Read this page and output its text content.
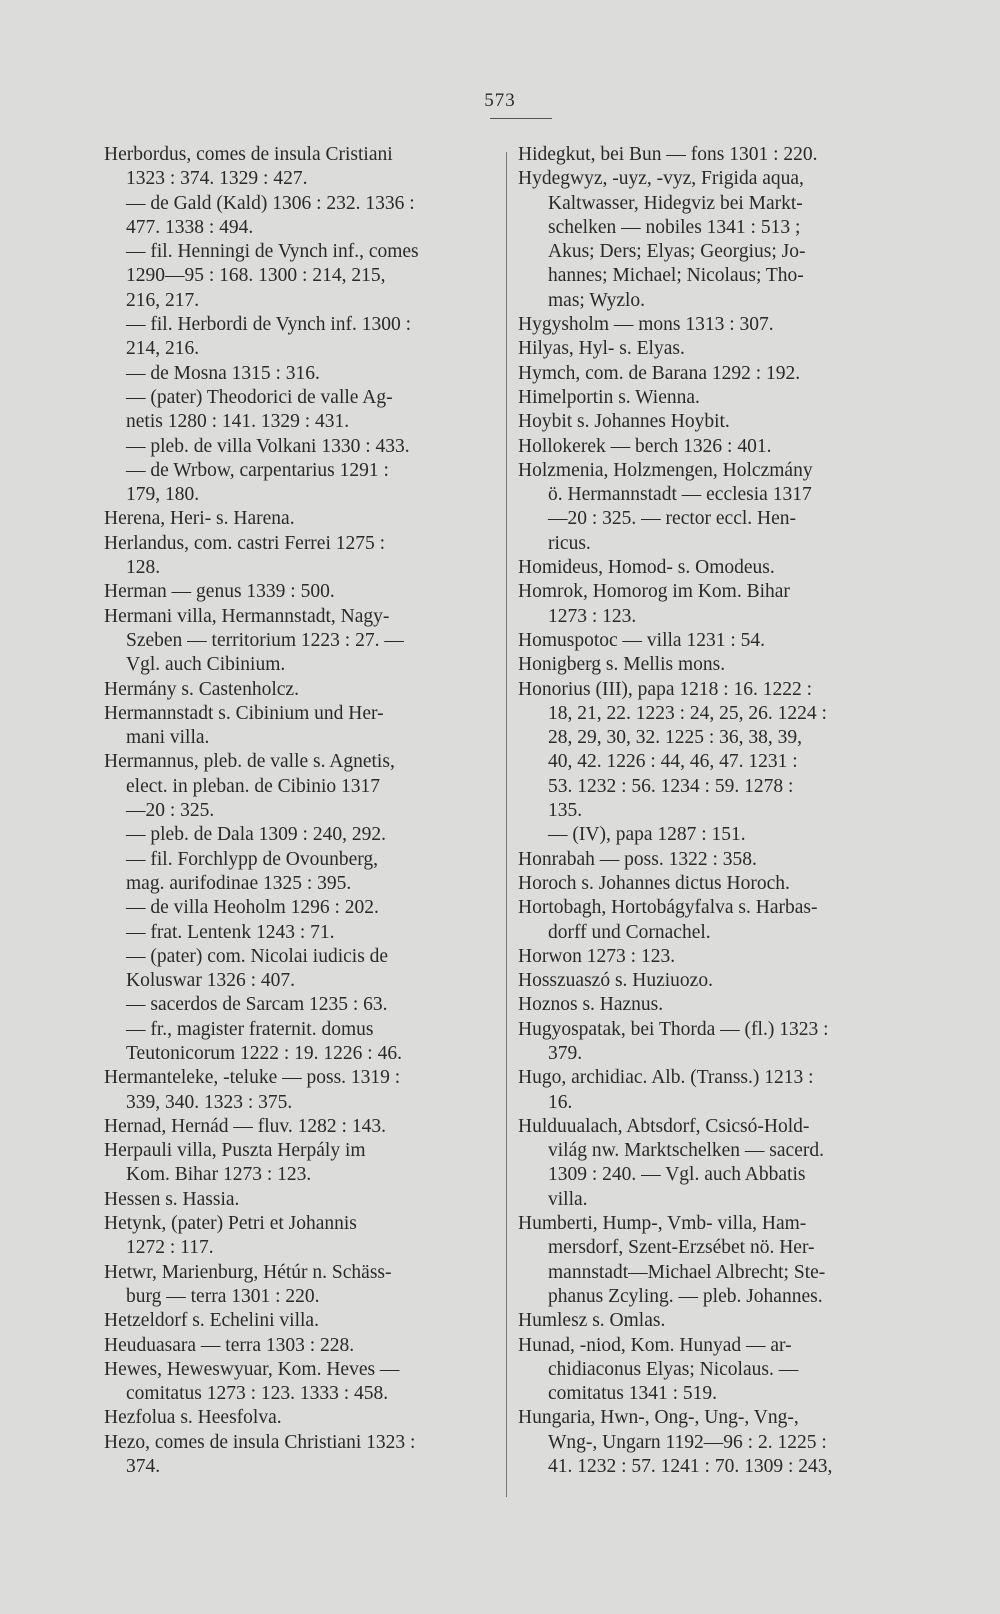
573
Herbordus, comes de insula Cristiani
1323 : 374. 1329 : 427.
— de Gald (Kald) 1306 : 232. 1336 :
477. 1338 : 494.
— fil. Henningi de Vynch inf., comes
1290—95 : 168. 1300 : 214, 215,
216, 217.
— fil. Herbordi de Vynch inf. 1300 :
214, 216.
— de Mosna 1315 : 316.
— (pater) Theodorici de valle Ag-
netis 1280 : 141. 1329 : 431.
— pleb. de villa Volkani 1330 : 433.
— de Wrbow, carpentarius 1291 :
179, 180.
Herena, Heri- s. Harena.
Herlandus, com. castri Ferrei 1275 :
128.
Herman — genus 1339 : 500.
Hermani villa, Hermannstadt, Nagy-
Szeben — territorium 1223 : 27. —
Vgl. auch Cibinium.
Hermány s. Castenholcz.
Hermannstadt s. Cibinium und Her-
mani villa.
Hermannus, pleb. de valle s. Agnetis,
elect. in pleban. de Cibinio 1317
—20 : 325.
— pleb. de Dala 1309 : 240, 292.
— fil. Forchlypp de Ovounberg,
mag. aurifodinae 1325 : 395.
— de villa Heoholm 1296 : 202.
— frat. Lentenk 1243 : 71.
— (pater) com. Nicolai iudicis de
Koluswar 1326 : 407.
— sacerdos de Sarcam 1235 : 63.
— fr., magister fraternit. domus
Teutonicorum 1222 : 19. 1226 : 46.
Hermanteleke, -teluke — poss. 1319 :
339, 340. 1323 : 375.
Hernad, Hernád — fluv. 1282 : 143.
Herpauli villa, Puszta Herpály im
Kom. Bihar 1273 : 123.
Hessen s. Hassia.
Hetynk, (pater) Petri et Johannis
1272 : 117.
Hetwr, Marienburg, Hétúr n. Schäss-
burg — terra 1301 : 220.
Hetzeldorf s. Echelini villa.
Heuduasara — terra 1303 : 228.
Hewes, Heweswyuar, Kom. Heves —
comitatus 1273 : 123. 1333 : 458.
Hezfolua s. Heesfolva.
Hezo, comes de insula Christiani 1323 :
374.
Hidegkut, bei Bun — fons 1301 : 220.
Hydegwyz, -uyz, -vyz, Frigida aqua,
Kaltwasser, Hidegviz bei Markt-
schelken — nobiles 1341 : 513 ;
Akus; Ders; Elyas; Georgius; Jo-
hannes; Michael; Nicolaus; Tho-
mas; Wyzlo.
Hygysholm — mons 1313 : 307.
Hilyas, Hyl- s. Elyas.
Hymch, com. de Barana 1292 : 192.
Himelportin s. Wienna.
Hoybit s. Johannes Hoybit.
Hollokerek — berch 1326 : 401.
Holzmenia, Holzmengen, Holczmány
ö. Hermannstadt — ecclesia 1317
—20 : 325. — rector eccl. Hen-
ricus.
Homideus, Homod- s. Omodeus.
Homrok, Homorog im Kom. Bihar
1273 : 123.
Homuspotoc — villa 1231 : 54.
Honigberg s. Mellis mons.
Honorius (III), papa 1218 : 16. 1222 :
18, 21, 22. 1223 : 24, 25, 26. 1224 :
28, 29, 30, 32. 1225 : 36, 38, 39,
40, 42. 1226 : 44, 46, 47. 1231 :
53. 1232 : 56. 1234 : 59. 1278 :
135.
— (IV), papa 1287 : 151.
Honrabah — poss. 1322 : 358.
Horoch s. Johannes dictus Horoch.
Hortobagh, Hortobágyfalva s. Harbas-
dorff und Cornachel.
Horwon 1273 : 123.
Hosszuaszó s. Huziuozo.
Hoznos s. Haznus.
Hugyospatak, bei Thorda — (fl.) 1323 :
379.
Hugo, archidiac. Alb. (Transs.) 1213 :
16.
Hulduualach, Abtsdorf, Csicsó-Hold-
világ nw. Marktschelken — sacerd.
1309 : 240. — Vgl. auch Abbatis
villa.
Humberti, Hump-, Vmb- villa, Ham-
mersdorf, Szent-Erzsébet nö. Her-
mannstadt—Michael Albrecht; Ste-
phanus Zcyling. — pleb. Johannes.
Humlesz s. Omlas.
Hunad, -niod, Kom. Hunyad — ar-
chidiaconus Elyas; Nicolaus. —
comitatus 1341 : 519.
Hungaria, Hwn-, Ong-, Ung-, Vng-,
Wng-, Ungarn 1192—96 : 2. 1225 :
41. 1232 : 57. 1241 : 70. 1309 : 243,
